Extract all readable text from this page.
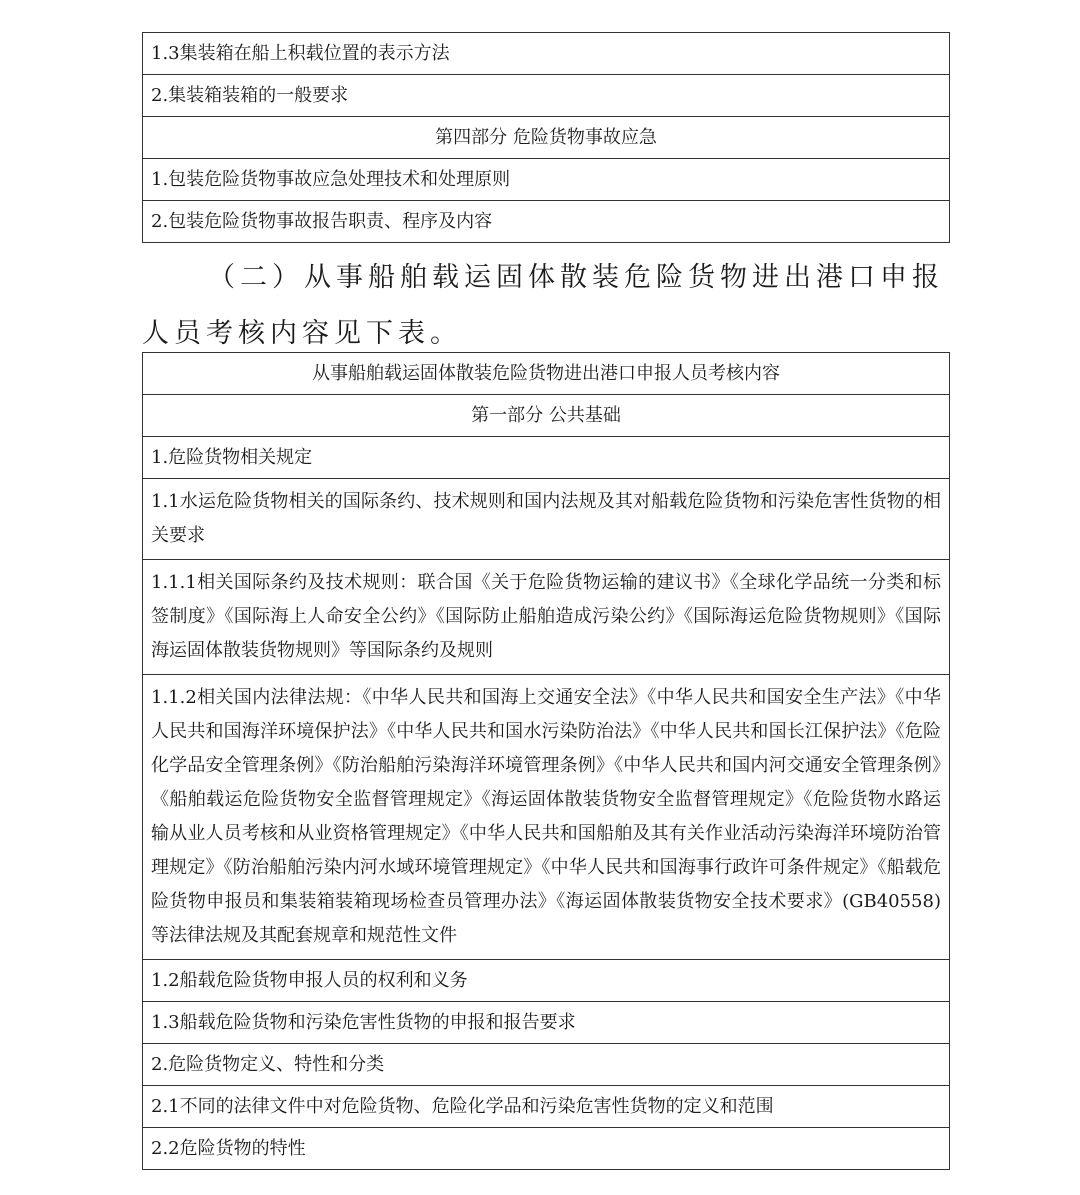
1.3集装箱在船上积载位置的表示方法
2.集装箱装箱的一般要求
第四部分 危险货物事故应急
1.包装危险货物事故应急处理技术和处理原则
2.包装危险货物事故报告职责、程序及内容

（二）从事船舶载运固体散装危险货物进出港口申报人员考核内容见下表。

从事船舶载运固体散装危险货物进出港口申报人员考核内容
第一部分 公共基础
1.危险货物相关规定
1.1水运危险货物相关的国际条约、技术规则和国内法规及其对船载危险货物和污染危害性货物的相关要求
1.1.1相关国际条约及技术规则：联合国《关于危险货物运输的建议书》《全球化学品统一分类和标签制度》《国际海上人命安全公约》《国际防止船舶造成污染公约》《国际海运危险货物规则》《国际 海运固体散装货物规则》等国际条约及规则
1.1.2相关国内法律法规：《中华人民共和国海上交通安全法》《中华人民共和国安全生产法》《中华人民共和国海洋环境保护法》《中华人民共和国水污染防治法》《中华人民共和国长江保护法》《危险化学品安全管理条例》《防治船舶污染海洋环境管理条例》《中华人民共和国内河交通安全管理条例》《船舶载运危险货物安全监督管理规定》《海运固体散装货物安全监督管理规定》《危险货物水路运输从业人员考核和从业资格管理规定》《中华人民共和国船舶及其有关作业活动污染海洋环境防治管理规定》《防治船舶污染内河水域环境管理规定》《中华人民共和国海事行政许可条件规定》《船载危险货物申报员和集装箱装箱现场检查员管理办法》《海运固体散装货物安全技术要求》(GB40558)等法律法规及其配套规章和规范性文件
1.2船载危险货物申报人员的权利和义务
1.3船载危险货物和污染危害性货物的申报和报告要求
2.危险货物定义、特性和分类
2.1不同的法律文件中对危险货物、危险化学品和污染危害性货物的定义和范围
2.2危险货物的特性
